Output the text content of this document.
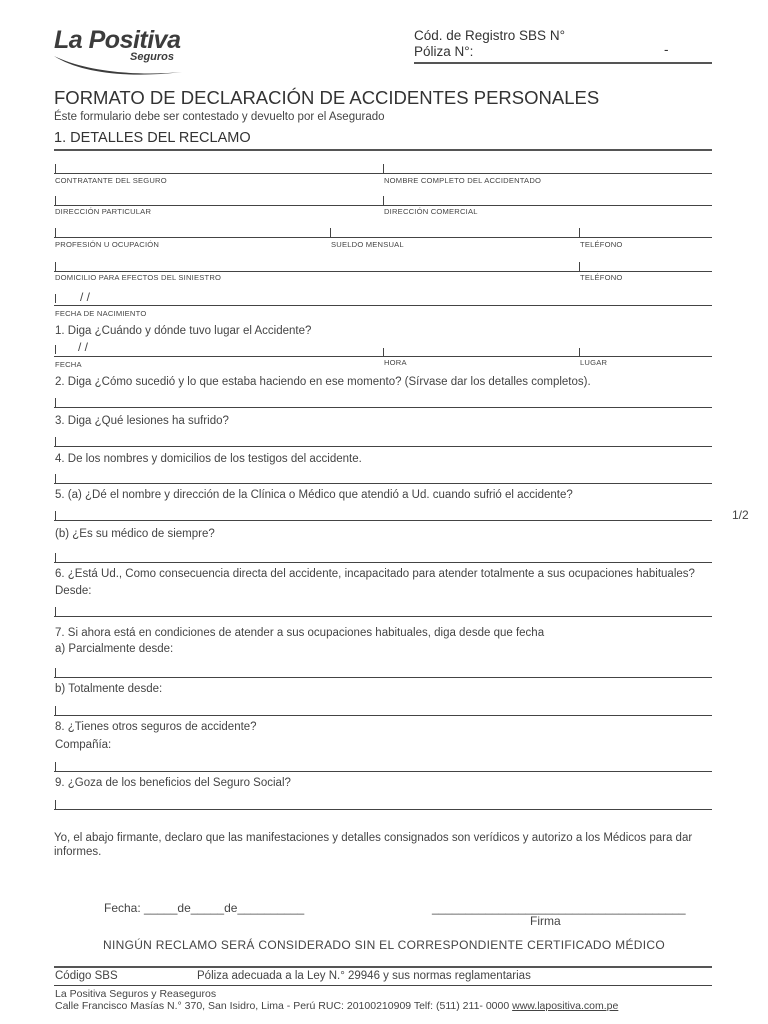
La Positiva
Seguros
Cód. de Registro SBS N°
Póliza N°:	-
FORMATO DE DECLARACIÓN DE ACCIDENTES PERSONALES
Éste formulario debe ser contestado y devuelto por el Asegurado
1. DETALLES DEL RECLAMO
CONTRATANTE DEL SEGURO	NOMBRE COMPLETO DEL ACCIDENTADO
DIRECCIÓN PARTICULAR	DIRECCIÓN COMERCIAL
PROFESIÓN U OCUPACIÓN	SUELDO MENSUAL	TELÉFONO
DOMICILIO PARA EFECTOS DEL SINIESTRO	TELÉFONO
/ /
FECHA DE NACIMIENTO
1. Diga ¿Cuándo y dónde tuvo lugar el Accidente?
/ /
FECHA	HORA	LUGAR
2. Diga ¿Cómo sucedió y lo que estaba haciendo en ese momento? (Sírvase dar los detalles completos).
3. Diga ¿Qué lesiones ha sufrido?
4. De los nombres y domicilios de los testigos del accidente.
5. (a) ¿Dé el nombre y dirección de la Clínica o Médico que atendió a Ud. cuando sufrió el accidente?
1/2
(b) ¿Es su médico de siempre?
6. ¿Está Ud., Como consecuencia directa del accidente, incapacitado para atender totalmente a sus ocupaciones habituales?
Desde:
7. Si ahora está en condiciones de atender a sus ocupaciones habituales, diga desde que fecha
a) Parcialmente desde:
b) Totalmente desde:
8. ¿Tienes otros seguros de accidente?
Compañía:
9. ¿Goza de los beneficios del Seguro Social?
Yo, el abajo firmante, declaro que las manifestaciones y detalles consignados son verídicos y autorizo a los Médicos para dar informes.
Fecha: _____de_____de__________	______________________________________
Firma
NINGÚN RECLAMO SERÁ CONSIDERADO SIN EL CORRESPONDIENTE CERTIFICADO MÉDICO
Código SBS	Póliza adecuada a la Ley N.° 29946 y sus normas reglamentarias
La Positiva Seguros y Reaseguros
Calle Francisco Masías N.° 370, San Isidro, Lima - Perú RUC: 20100210909 Telf: (511) 211- 0000 www.lapositiva.com.pe
